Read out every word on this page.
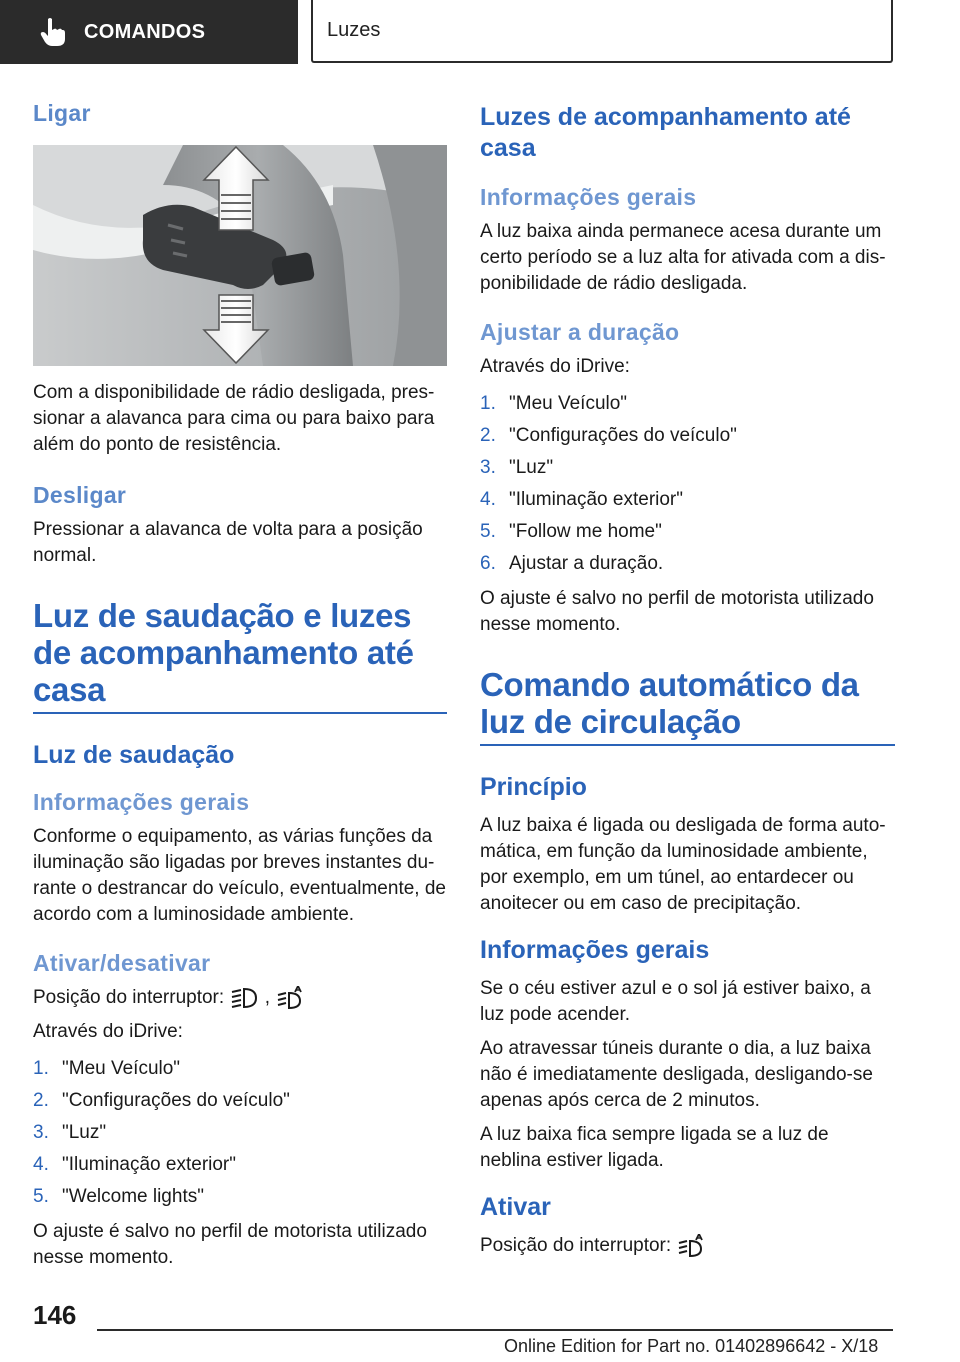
COMANDOS	Luzes
Ligar

Com a disponibilidade de rádio desligada, pressionar a alavanca para cima ou para baixo para além do ponto de resistência.

Desligar

Pressionar a alavanca de volta para a posição normal.

Luz de saudação e luzes de acompanhamento até casa
Luz de saudação
Informações gerais

Conforme o equipamento, as várias funções da iluminação são ligadas por breves instantes durante o destrancar do veículo, eventualmente, de acordo com a luminosidade ambiente.

Ativar/desativar

Posição do interruptor: ,

Através do iDrive:

1. "Meu Veículo"
2. "Configurações do veículo"
3. "Luz"
4. "Iluminação exterior"
5. "Welcome lights"

O ajuste é salvo no perfil de motorista utilizado nesse momento.

Luzes de acompanhamento até casa
Informações gerais

A luz baixa ainda permanece acesa durante um certo período se a luz alta for ativada com a disponibilidade de rádio desligada.

Ajustar a duração

Através do iDrive:

1. "Meu Veículo"
2. "Configurações do veículo"
3. "Luz"
4. "Iluminação exterior"
5. "Follow me home"
6. Ajustar a duração.

O ajuste é salvo no perfil de motorista utilizado nesse momento.

Comando automático da luz de circulação
Princípio

A luz baixa é ligada ou desligada de forma automática, em função da luminosidade ambiente, por exemplo, em um túnel, ao entardecer ou anoitecer ou em caso de precipitação.

Informações gerais

Se o céu estiver azul e o sol já estiver baixo, a luz pode acender.

Ao atravessar túneis durante o dia, a luz baixa não é imediatamente desligada, desligando-se apenas após cerca de 2 minutos.

A luz baixa fica sempre ligada se a luz de neblina estiver ligada.

Ativar

Posição do interruptor:

146
Online Edition for Part no. 01402896642 - X/18
